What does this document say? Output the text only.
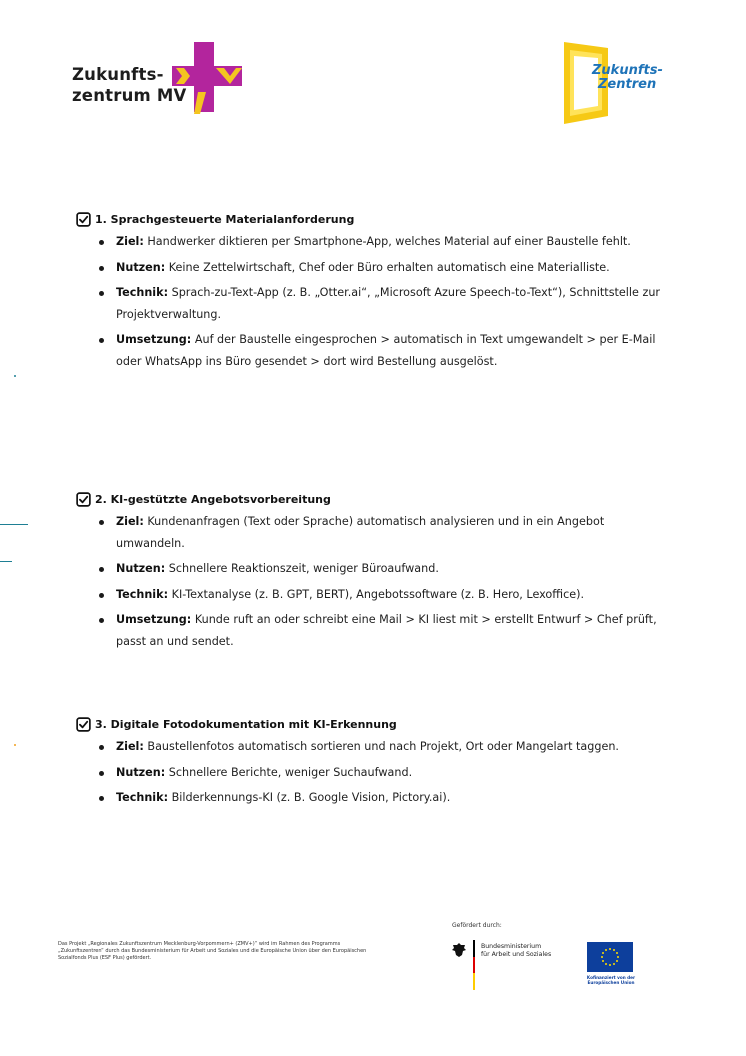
Zukunfts-
zentrum MV
Zukunfts-
Zentren
1. Sprachgesteuerte Materialanforderung
Ziel: Handwerker diktieren per Smartphone-App, welches Material auf einer Baustelle fehlt.
Nutzen: Keine Zettelwirtschaft, Chef oder Büro erhalten automatisch eine Materialliste.
Technik: Sprach-zu-Text-App (z. B. „Otter.ai“, „Microsoft Azure Speech-to-Text“), Schnittstelle zur Projektverwaltung.
Umsetzung: Auf der Baustelle eingesprochen > automatisch in Text umgewandelt > per E-Mail oder WhatsApp ins Büro gesendet > dort wird Bestellung ausgelöst.
2. KI-gestützte Angebotsvorbereitung
Ziel: Kundenanfragen (Text oder Sprache) automatisch analysieren und in ein Angebot umwandeln.
Nutzen: Schnellere Reaktionszeit, weniger Büroaufwand.
Technik: KI-Textanalyse (z. B. GPT, BERT), Angebotssoftware (z. B. Hero, Lexoffice).
Umsetzung: Kunde ruft an oder schreibt eine Mail > KI liest mit > erstellt Entwurf > Chef prüft, passt an und sendet.
3. Digitale Fotodokumentation mit KI-Erkennung
Ziel: Baustellenfotos automatisch sortieren und nach Projekt, Ort oder Mangelart taggen.
Nutzen: Schnellere Berichte, weniger Suchaufwand.
Technik: Bilderkennungs-KI (z. B. Google Vision, Pictory.ai).
Das Projekt „Regionales Zukunftszentrum Mecklenburg-Vorpommern+ (ZMV+)“ wird im Rahmen des Programms „Zukunftszentren“ durch das Bundesministerium für Arbeit und Soziales und die Europäische Union über den Europäischen Sozialfonds Plus (ESF Plus) gefördert.
Gefördert durch:
Bundesministerium
für Arbeit und Soziales
Kofinanziert von der
Europäischen Union
